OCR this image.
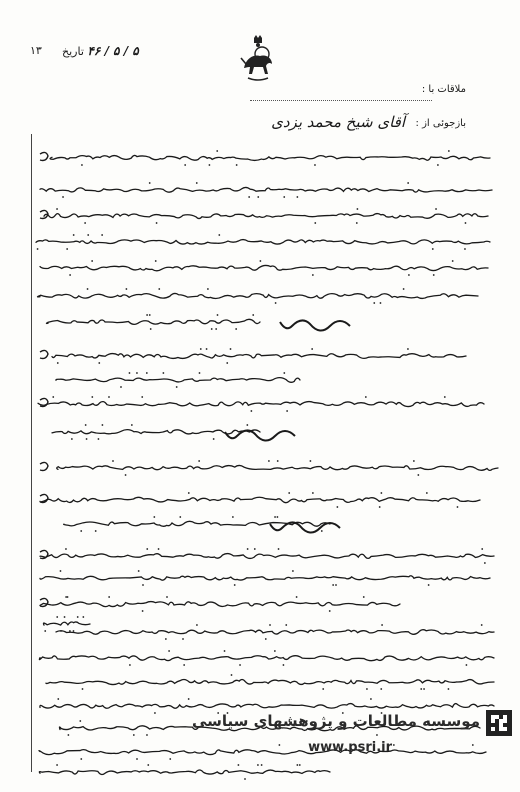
١٣	۵ / ۵ / ۴۶ تاريخ
ملاقات با :
بازجوئی از :
آقای شیخ محمد یزدی
موسسه مطالعات و پژوهشهای سیاسی
www.psri.ir
